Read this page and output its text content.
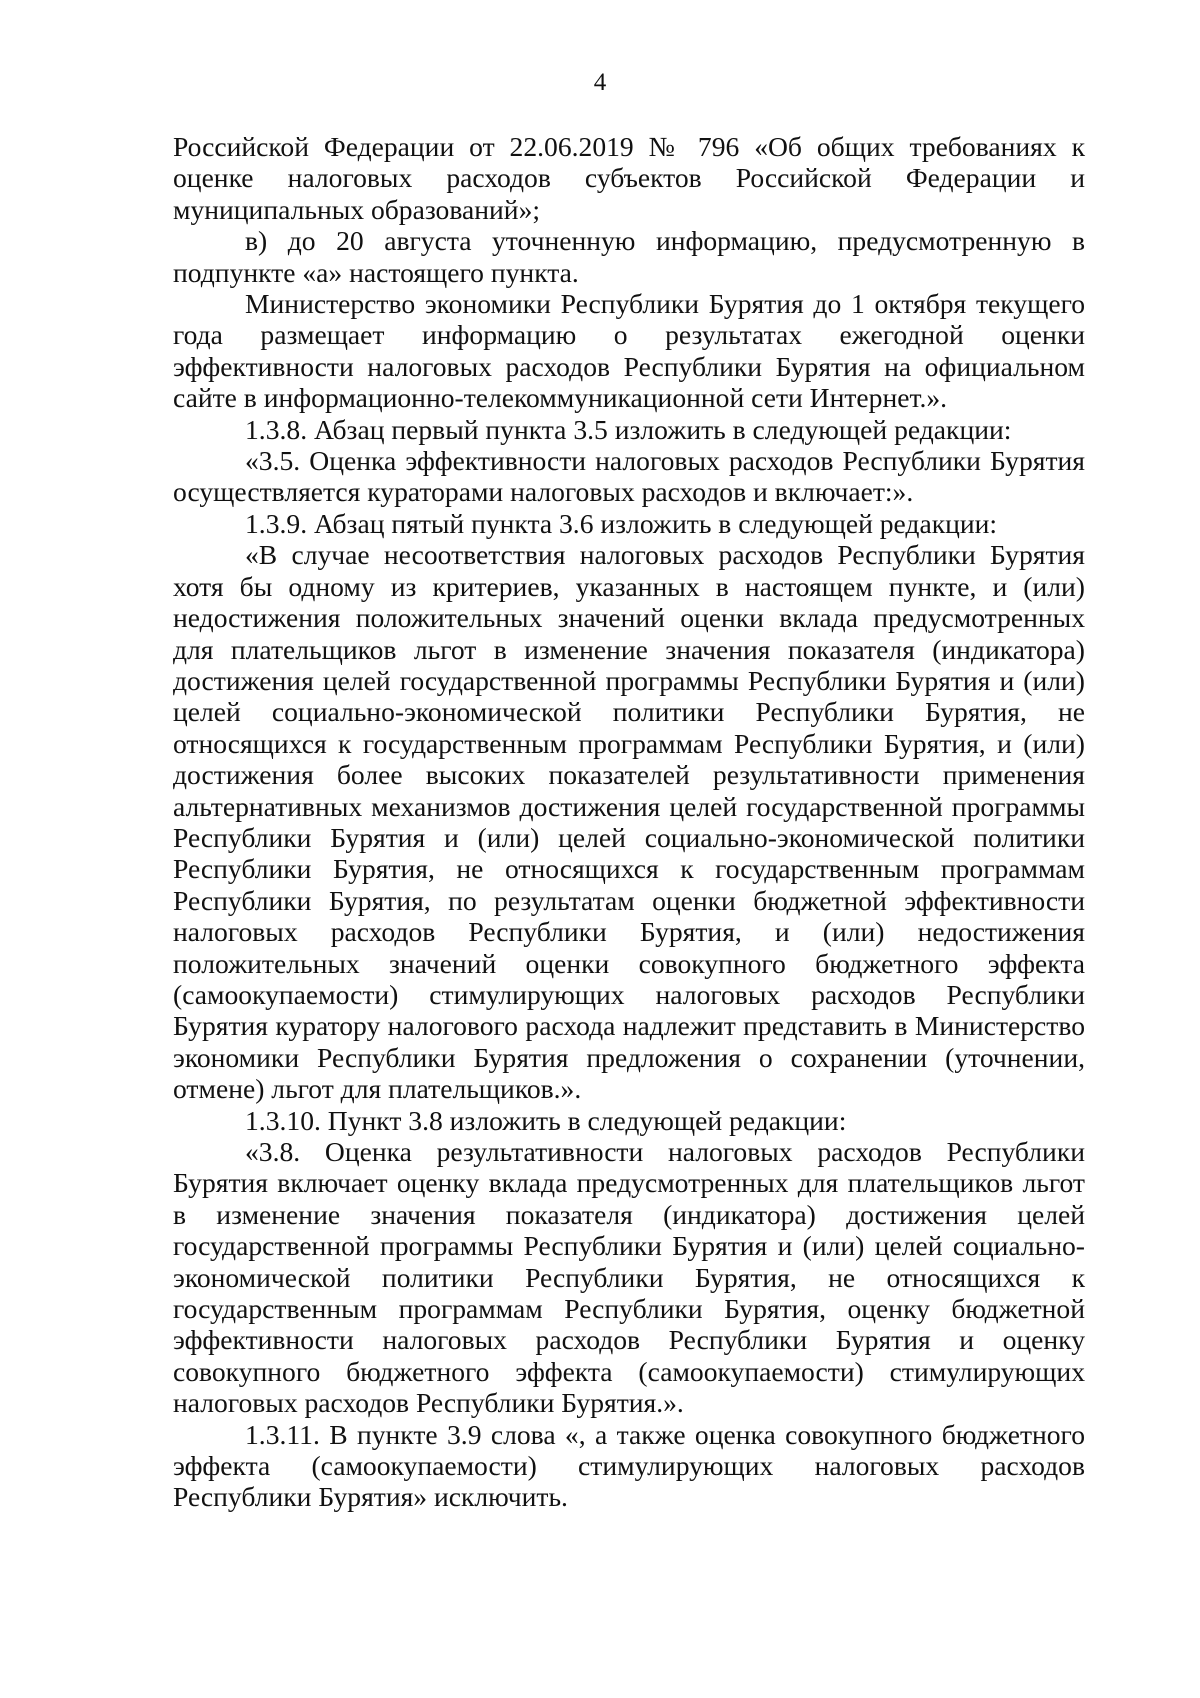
4

Российской Федерации от 22.06.2019 № 796 «Об общих требованиях к оценке налоговых расходов субъектов Российской Федерации и муниципальных образований»;

в) до 20 августа уточненную информацию, предусмотренную в подпункте «а» настоящего пункта.

Министерство экономики Республики Бурятия до 1 октября текущего года размещает информацию о результатах ежегодной оценки эффективности налоговых расходов Республики Бурятия на официальном сайте в информационно-телекоммуникационной сети Интернет.».

1.3.8. Абзац первый пункта 3.5 изложить в следующей редакции:

«3.5. Оценка эффективности налоговых расходов Республики Бурятия осуществляется кураторами налоговых расходов и включает:».

1.3.9. Абзац пятый пункта 3.6 изложить в следующей редакции:

«В случае несоответствия налоговых расходов Республики Бурятия хотя бы одному из критериев, указанных в настоящем пункте, и (или) недостижения положительных значений оценки вклада предусмотренных для плательщиков льгот в изменение значения показателя (индикатора) достижения целей государственной программы Республики Бурятия и (или) целей социально-экономической политики Республики Бурятия, не относящихся к государственным программам Республики Бурятия, и (или) достижения более высоких показателей результативности применения альтернативных механизмов достижения целей государственной программы Республики Бурятия и (или) целей социально-экономической политики Республики Бурятия, не относящихся к государственным программам Республики Бурятия, по результатам оценки бюджетной эффективности налоговых расходов Республики Бурятия, и (или) недостижения положительных значений оценки совокупного бюджетного эффекта (самоокупаемости) стимулирующих налоговых расходов Республики Бурятия куратору налогового расхода надлежит представить в Министерство экономики Республики Бурятия предложения о сохранении (уточнении, отмене) льгот для плательщиков.».

1.3.10. Пункт 3.8 изложить в следующей редакции:

«3.8. Оценка результативности налоговых расходов Республики Бурятия включает оценку вклада предусмотренных для плательщиков льгот в изменение значения показателя (индикатора) достижения целей государственной программы Республики Бурятия и (или) целей социально-экономической политики Республики Бурятия, не относящихся к государственным программам Республики Бурятия, оценку бюджетной эффективности налоговых расходов Республики Бурятия и оценку совокупного бюджетного эффекта (самоокупаемости) стимулирующих налоговых расходов Республики Бурятия.».

1.3.11. В пункте 3.9 слова «, а также оценка совокупного бюджетного эффекта (самоокупаемости) стимулирующих налоговых расходов Республики Бурятия» исключить.
